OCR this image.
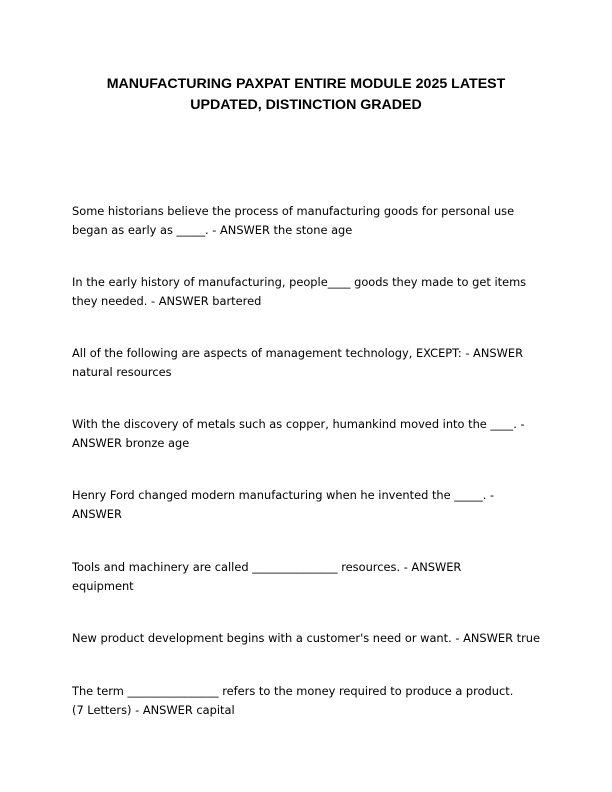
MANUFACTURING PAXPAT ENTIRE MODULE 2025 LATEST
UPDATED, DISTINCTION GRADED
Some historians believe the process of manufacturing goods for personal use
began as early as _____. - ANSWER the stone age
In the early history of manufacturing, people____ goods they made to get items
they needed. - ANSWER bartered
All of the following are aspects of management technology, EXCEPT: - ANSWER
natural resources
With the discovery of metals such as copper, humankind moved into the ____. -
ANSWER bronze age
Henry Ford changed modern manufacturing when he invented the _____. -
ANSWER
Tools and machinery are called _______________ resources. - ANSWER
equipment
New product development begins with a customer's need or want. - ANSWER true
The term ________________ refers to the money required to produce a product.
(7 Letters) - ANSWER capital
